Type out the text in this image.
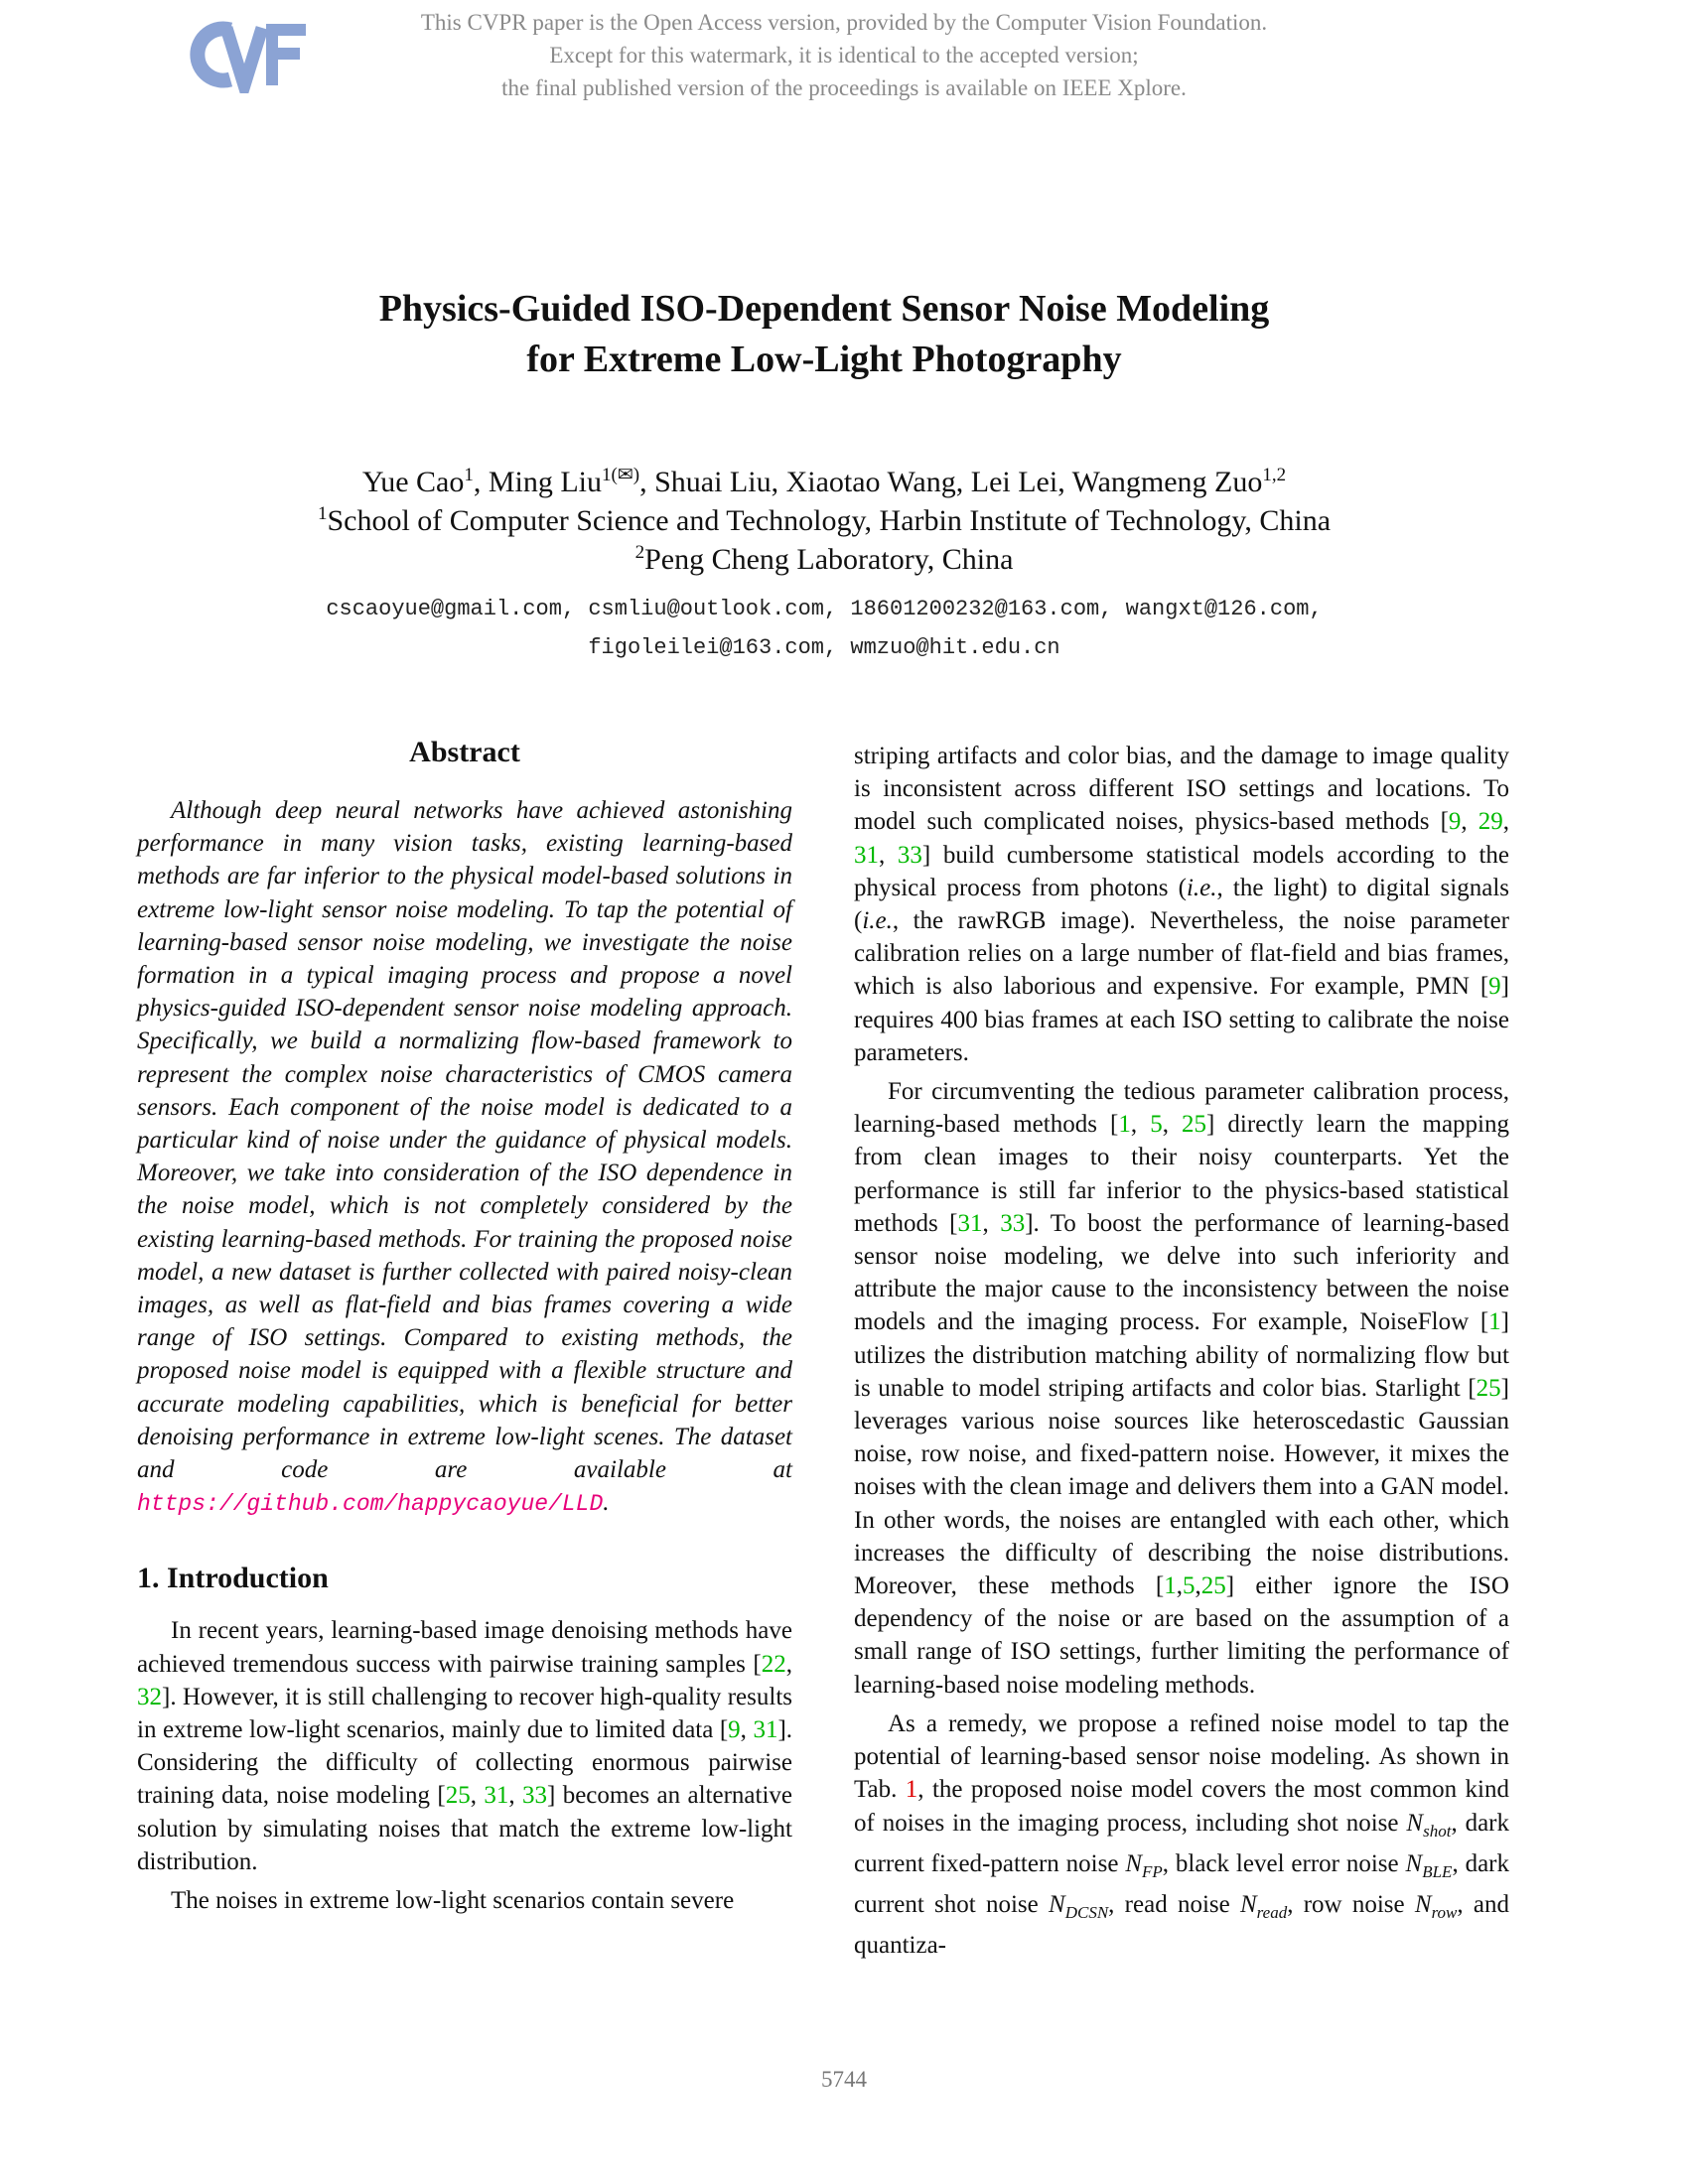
This CVPR paper is the Open Access version, provided by the Computer Vision Foundation.
Except for this watermark, it is identical to the accepted version;
the final published version of the proceedings is available on IEEE Xplore.
Physics-Guided ISO-Dependent Sensor Noise Modeling
for Extreme Low-Light Photography
Yue Cao$^1$, Ming Liu$^{1(✉)}$, Shuai Liu, Xiaotao Wang, Lei Lei, Wangmeng Zuo$^{1,2}$
$^1$School of Computer Science and Technology, Harbin Institute of Technology, China
$^2$Peng Cheng Laboratory, China
cscaoyue@gmail.com, csmliu@outlook.com, 18601200232@163.com, wangxt@126.com,
figoleilei@163.com, wmzuo@hit.edu.cn
Abstract

Although deep neural networks have achieved astonishing performance in many vision tasks, existing learning-based methods are far inferior to the physical model-based solutions in extreme low-light sensor noise modeling. To tap the potential of learning-based sensor noise modeling, we investigate the noise formation in a typical imaging process and propose a novel physics-guided ISO-dependent sensor noise modeling approach. Specifically, we build a normalizing flow-based framework to represent the complex noise characteristics of CMOS camera sensors. Each component of the noise model is dedicated to a particular kind of noise under the guidance of physical models. Moreover, we take into consideration of the ISO dependence in the noise model, which is not completely considered by the existing learning-based methods. For training the proposed noise model, a new dataset is further collected with paired noisy-clean images, as well as flat-field and bias frames covering a wide range of ISO settings. Compared to existing methods, the proposed noise model is equipped with a flexible structure and accurate modeling capabilities, which is beneficial for better denoising performance in extreme low-light scenes. The dataset and code are available at https://github.com/happycaoyue/LLD.

1. Introduction

In recent years, learning-based image denoising methods have achieved tremendous success with pairwise training samples [22, 32]. However, it is still challenging to recover high-quality results in extreme low-light scenarios, mainly due to limited data [9, 31]. Considering the difficulty of collecting enormous pairwise training data, noise modeling [25, 31, 33] becomes an alternative solution by simulating noises that match the extreme low-light distribution.

The noises in extreme low-light scenarios contain severe

striping artifacts and color bias, and the damage to image quality is inconsistent across different ISO settings and locations. To model such complicated noises, physics-based methods [9, 29, 31, 33] build cumbersome statistical models according to the physical process from photons (i.e., the light) to digital signals (i.e., the rawRGB image). Nevertheless, the noise parameter calibration relies on a large number of flat-field and bias frames, which is also laborious and expensive. For example, PMN [9] requires 400 bias frames at each ISO setting to calibrate the noise parameters.

For circumventing the tedious parameter calibration process, learning-based methods [1, 5, 25] directly learn the mapping from clean images to their noisy counterparts. Yet the performance is still far inferior to the physics-based statistical methods [31, 33]. To boost the performance of learning-based sensor noise modeling, we delve into such inferiority and attribute the major cause to the inconsistency between the noise models and the imaging process. For example, NoiseFlow [1] utilizes the distribution matching ability of normalizing flow but is unable to model striping artifacts and color bias. Starlight [25] leverages various noise sources like heteroscedastic Gaussian noise, row noise, and fixed-pattern noise. However, it mixes the noises with the clean image and delivers them into a GAN model. In other words, the noises are entangled with each other, which increases the difficulty of describing the noise distributions. Moreover, these methods [1,5,25] either ignore the ISO dependency of the noise or are based on the assumption of a small range of ISO settings, further limiting the performance of learning-based noise modeling methods.

As a remedy, we propose a refined noise model to tap the potential of learning-based sensor noise modeling. As shown in Tab. 1, the proposed noise model covers the most common kind of noises in the imaging process, including shot noise $N_{shot}$, dark current fixed-pattern noise $N_{FP}$, black level error noise $N_{BLE}$, dark current shot noise $N_{DCSN}$, read noise $N_{read}$, row noise $N_{row}$, and quantiza-

5744
